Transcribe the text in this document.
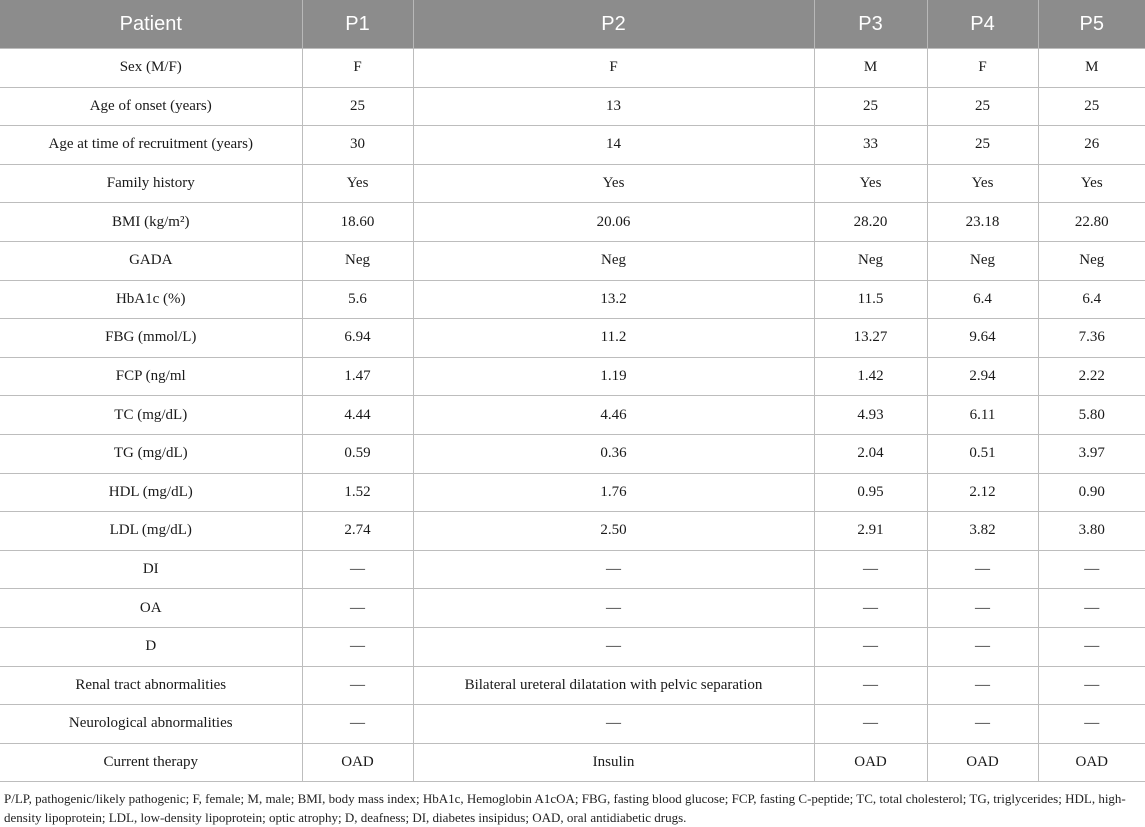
Patient	P1	P2	P3	P4	P5
Sex (M/F)	F	F	M	F	M
Age of onset (years)	25	13	25	25	25
Age at time of recruitment (years)	30	14	33	25	26
Family history	Yes	Yes	Yes	Yes	Yes
BMI (kg/m²)	18.60	20.06	28.20	23.18	22.80
GADA	Neg	Neg	Neg	Neg	Neg
HbA1c (%)	5.6	13.2	11.5	6.4	6.4
FBG (mmol/L)	6.94	11.2	13.27	9.64	7.36
FCP (ng/ml	1.47	1.19	1.42	2.94	2.22
TC (mg/dL)	4.44	4.46	4.93	6.11	5.80
TG (mg/dL)	0.59	0.36	2.04	0.51	3.97
HDL (mg/dL)	1.52	1.76	0.95	2.12	0.90
LDL (mg/dL)	2.74	2.50	2.91	3.82	3.80
DI	—	—	—	—	—
OA	—	—	—	—	—
D	—	—	—	—	—
Renal tract abnormalities	—	Bilateral ureteral dilatation with pelvic separation	—	—	—
Neurological abnormalities	—	—	—	—	—
Current therapy	OAD	Insulin	OAD	OAD	OAD

P/LP, pathogenic/likely pathogenic; F, female; M, male; BMI, body mass index; HbA1c, Hemoglobin A1cOA; FBG, fasting blood glucose; FCP, fasting C-peptide; TC, total cholesterol; TG, triglycerides; HDL, high-density lipoprotein; LDL, low-density lipoprotein; optic atrophy; D, deafness; DI, diabetes insipidus; OAD, oral antidiabetic drugs.
